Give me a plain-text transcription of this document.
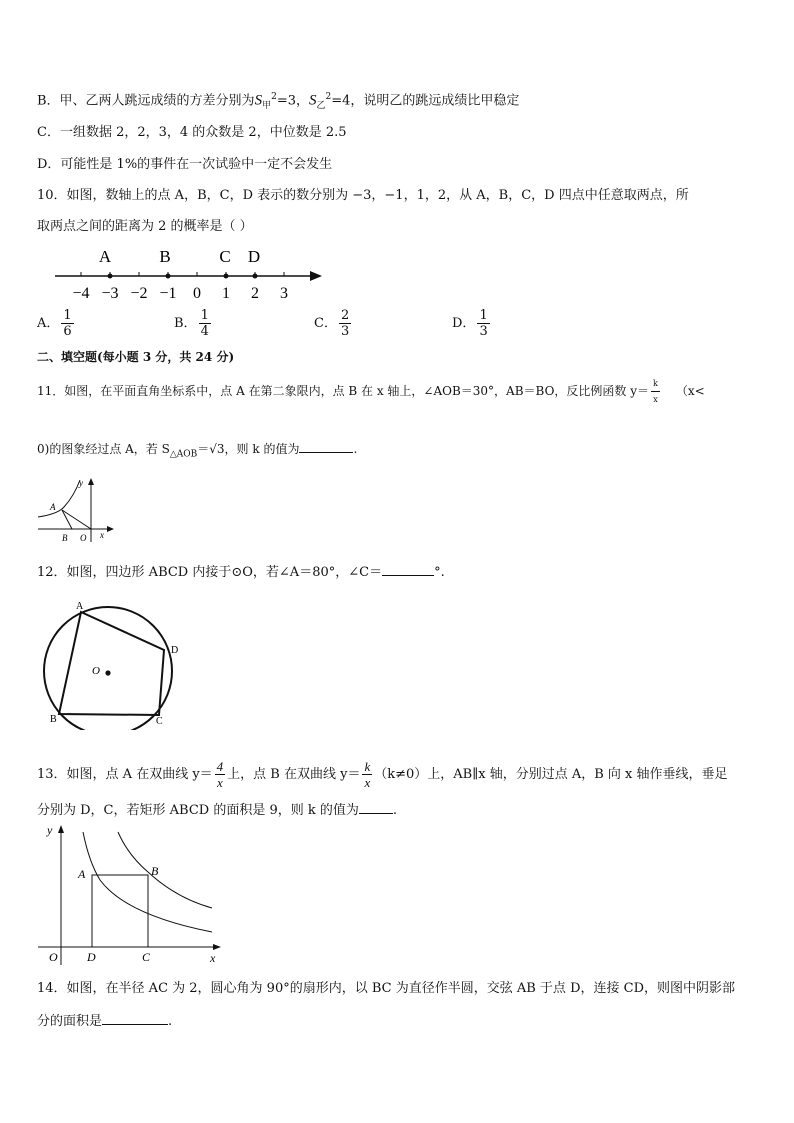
B．甲、乙两人跳远成绩的方差分别为$S_甲^2=3$，$S_乙^2=4$，说明乙的跳远成绩比甲稳定
C．一组数据 2，2，3，4 的众数是 2，中位数是 2.5
D．可能性是 1%的事件在一次试验中一定不会发生
10．如图，数轴上的点 A，B，C，D 表示的数分别为 −3，−1，1，2，从 A，B，C，D 四点中任意取两点，所
取两点之间的距离为 2 的概率是（ ）
A	B	C D
−4 −3 −2 −1 0 1 2 3
A． $\frac{1}{6}$	B． $\frac{1}{4}$	C． $\frac{2}{3}$	D． $\frac{1}{3}$
二、填空题(每小题 3 分，共 24 分)
11．如图，在平面直角坐标系中，点 A 在第二象限内，点 B 在 x 轴上，∠AOB＝30°，AB＝BO，反比例函数 $y= \frac{k}{x} (x<$
0)的图象经过点 A，若 $S_{\triangle AOB}=√3$，则 k 的值为	.
y
x
A
B O
12．如图，四边形 ABCD 内接于⊙O，若∠A＝80°，∠C＝	°.
A
D
C
B
O
13．如图，点 A 在双曲线 $y= \frac{4}{x}$ 上，点 B 在双曲线 $y= \frac{k}{x} (k\ne 0)$上，AB∥x 轴，分别过点 A，B 向 x 轴作垂线，垂足
分别为 D，C，若矩形 ABCD 的面积是 9，则 k 的值为	.
y
x
A	B
O D	C
14．如图，在半径 AC 为 2，圆心角为 90°的扇形内，以 BC 为直径作半圆，交弦 AB 于点 D，连接 CD，则图中阴影部
分的面积是	.
